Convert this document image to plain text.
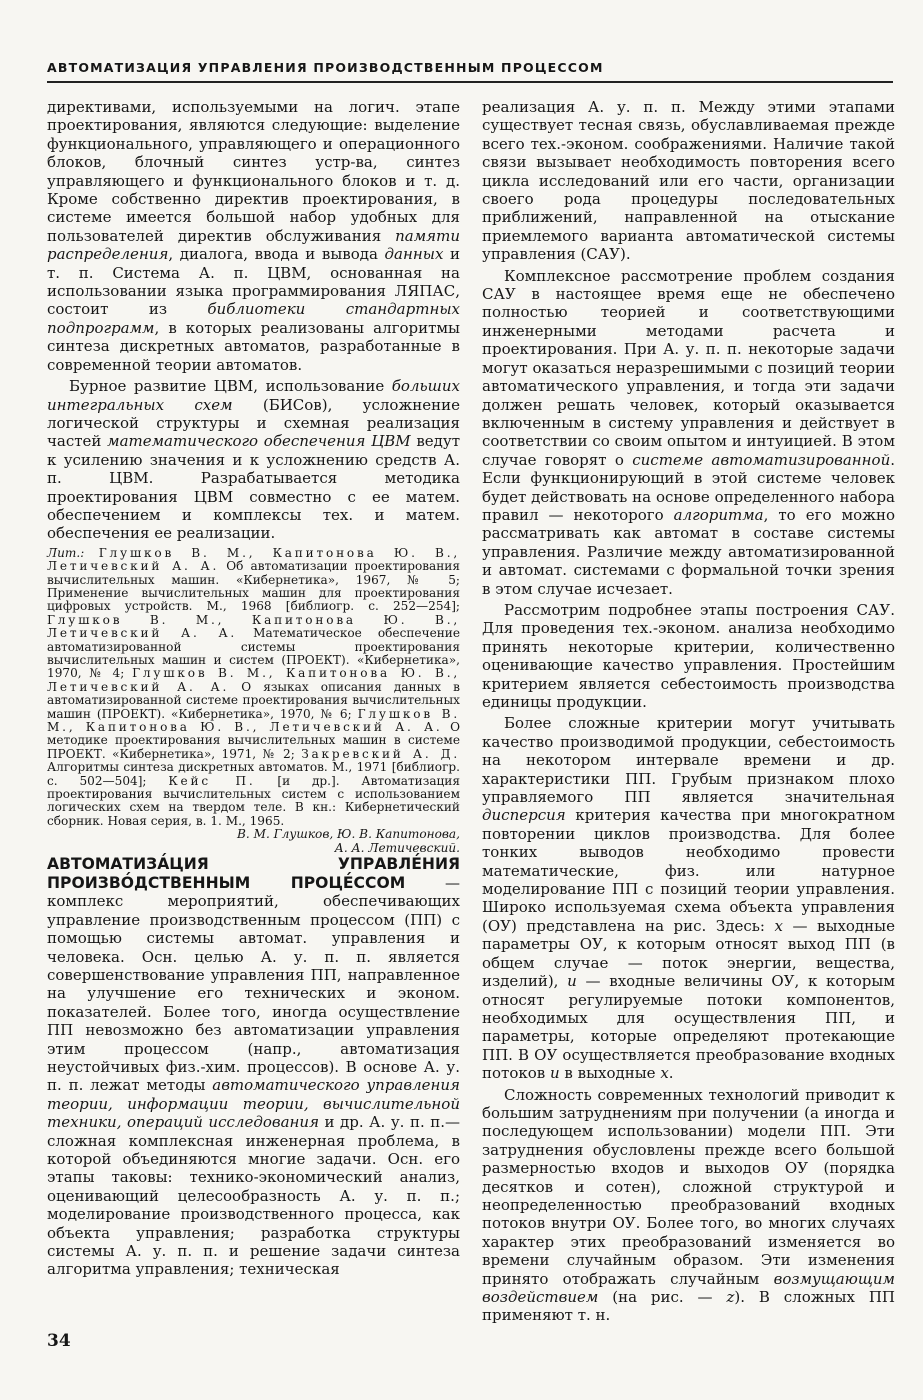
АВТОМАТИЗАЦИЯ УПРАВЛЕНИЯ ПРОИЗВОДСТВЕННЫМ ПРОЦЕССОМ

директивами, используемыми на логич. этапе проектирования, являются следующие: выделение функционального, управляющего и операционного блоков, блочный синтез устр-ва, синтез управляющего и функционального блоков и т. д. Кроме собственно директив проектирования, в системе имеется большой набор удобных для пользователей директив обслуживания памяти распределения, диалога, ввода и вывода данных и т. п. Система А. п. ЦВМ, основанная на использовании языка программирования ЛЯПАС, состоит из библиотеки стандартных подпрограмм, в которых реализованы алгоритмы синтеза дискретных автоматов, разработанные в современной теории автоматов.

Бурное развитие ЦВМ, использование больших интегральных схем (БИСов), усложнение логической структуры и схемная реализация частей математического обеспечения ЦВМ ведут к усилению значения и к усложнению средств А. п. ЦВМ. Разрабатывается методика проектирования ЦВМ совместно с ее матем. обеспечением и комплексы тех. и матем. обеспечения ее реализации.

Лит.: Глушков В. М., Капитонова Ю. В., Летичевский А. А. Об автоматизации проектирования вычислительных машин. «Кибернетика», 1967, № 5; Применение вычислительных машин для проектирования цифровых устройств. М., 1968 [библиогр. с. 252—254]; Глушков В. М., Капитонова Ю. В., Летичевский А. А. Математическое обеспечение автоматизированной системы проектирования вычислительных машин и систем (ПРОЕКТ). «Кибернетика», 1970, № 4; Глушков В. М., Капитонова Ю. В., Летичевский А. А. О языках описания данных в автоматизированной системе проектирования вычислительных машин (ПРОЕКТ). «Кибернетика», 1970, № 6; Глушков В. М., Капитонова Ю. В., Летичевский А. А. О методике проектирования вычислительных машин в системе ПРОЕКТ. «Кибернетика», 1971, № 2; Закревский А. Д. Алгоритмы синтеза дискретных автоматов. М., 1971 [библиогр. с. 502—504]; Кейс П. [и др.]. Автоматизация проектирования вычислительных систем с использованием логических схем на твердом теле. В кн.: Кибернетический сборник. Новая серия, в. 1. М., 1965.
В. М. Глушков, Ю. В. Капитонова,
А. А. Летичевский.

АВТОМАТИЗА́ЦИЯ УПРАВЛЕ́НИЯ ПРОИЗВО́ДСТВЕННЫМ ПРОЦЕ́ССОМ — комплекс мероприятий, обеспечивающих управление производственным процессом (ПП) с помощью системы автомат. управления и человека. Осн. целью А. у. п. п. является совершенствование управления ПП, направленное на улучшение его технических и эконом. показателей. Более того, иногда осуществление ПП невозможно без автоматизации управления этим процессом (напр., автоматизация неустойчивых физ.-хим. процессов). В основе А. у. п. п. лежат методы автоматического управления теории, информации теории, вычислительной техники, операций исследования и др. А. у. п. п.— сложная комплексная инженерная проблема, в которой объединяются многие задачи. Осн. его этапы таковы: технико-экономический анализ, оценивающий целесообразность А. у. п. п.; моделирование производственного процесса, как объекта управления; разработка структуры системы А. у. п. п. и решение задачи синтеза алгоритма управления; техническая

реализация А. у. п. п. Между этими этапами существует тесная связь, обуславливаемая прежде всего тех.-эконом. соображениями. Наличие такой связи вызывает необходимость повторения всего цикла исследований или его части, организации своего рода процедуры последовательных приближений, направленной на отыскание приемлемого варианта автоматической системы управления (САУ).

Комплексное рассмотрение проблем создания САУ в настоящее время еще не обеспечено полностью теорией и соответствующими инженерными методами расчета и проектирования. При А. у. п. п. некоторые задачи могут оказаться неразрешимыми с позиций теории автоматического управления, и тогда эти задачи должен решать человек, который оказывается включенным в систему управления и действует в соответствии со своим опытом и интуицией. В этом случае говорят о системе автоматизированной. Если функционирующий в этой системе человек будет действовать на основе определенного набора правил — некоторого алгоритма, то его можно рассматривать как автомат в составе системы управления. Различие между автоматизированной и автомат. системами с формальной точки зрения в этом случае исчезает.

Рассмотрим подробнее этапы построения САУ. Для проведения тех.-эконом. анализа необходимо принять некоторые критерии, количественно оценивающие качество управления. Простейшим критерием является себестоимость производства единицы продукции.

Более сложные критерии могут учитывать качество производимой продукции, себестоимость на некотором интервале времени и др. характеристики ПП. Грубым признаком плохо управляемого ПП является значительная дисперсия критерия качества при многократном повторении циклов производства. Для более тонких выводов необходимо провести математические, физ. или натурное моделирование ПП с позиций теории управления. Широко используемая схема объекта управления (ОУ) представлена на рис. Здесь: x — выходные параметры ОУ, к которым относят выход ПП (в общем случае — поток энергии, вещества, изделий), u — входные величины ОУ, к которым относят регулируемые потоки компонентов, необходимых для осуществления ПП, и параметры, которые определяют протекающие ПП. В ОУ осуществляется преобразование входных потоков u в выходные x.

Сложность современных технологий приводит к большим затруднениям при получении (а иногда и последующем использовании) модели ПП. Эти затруднения обусловлены прежде всего большой размерностью входов и выходов ОУ (порядка десятков и сотен), сложной структурой и неопределенностью преобразований входных потоков внутри ОУ. Более того, во многих случаях характер этих преобразований изменяется во времени случайным образом. Эти изменения принято отображать случайным возмущающим воздействием (на рис. — z). В сложных ПП применяют т. н.

34
